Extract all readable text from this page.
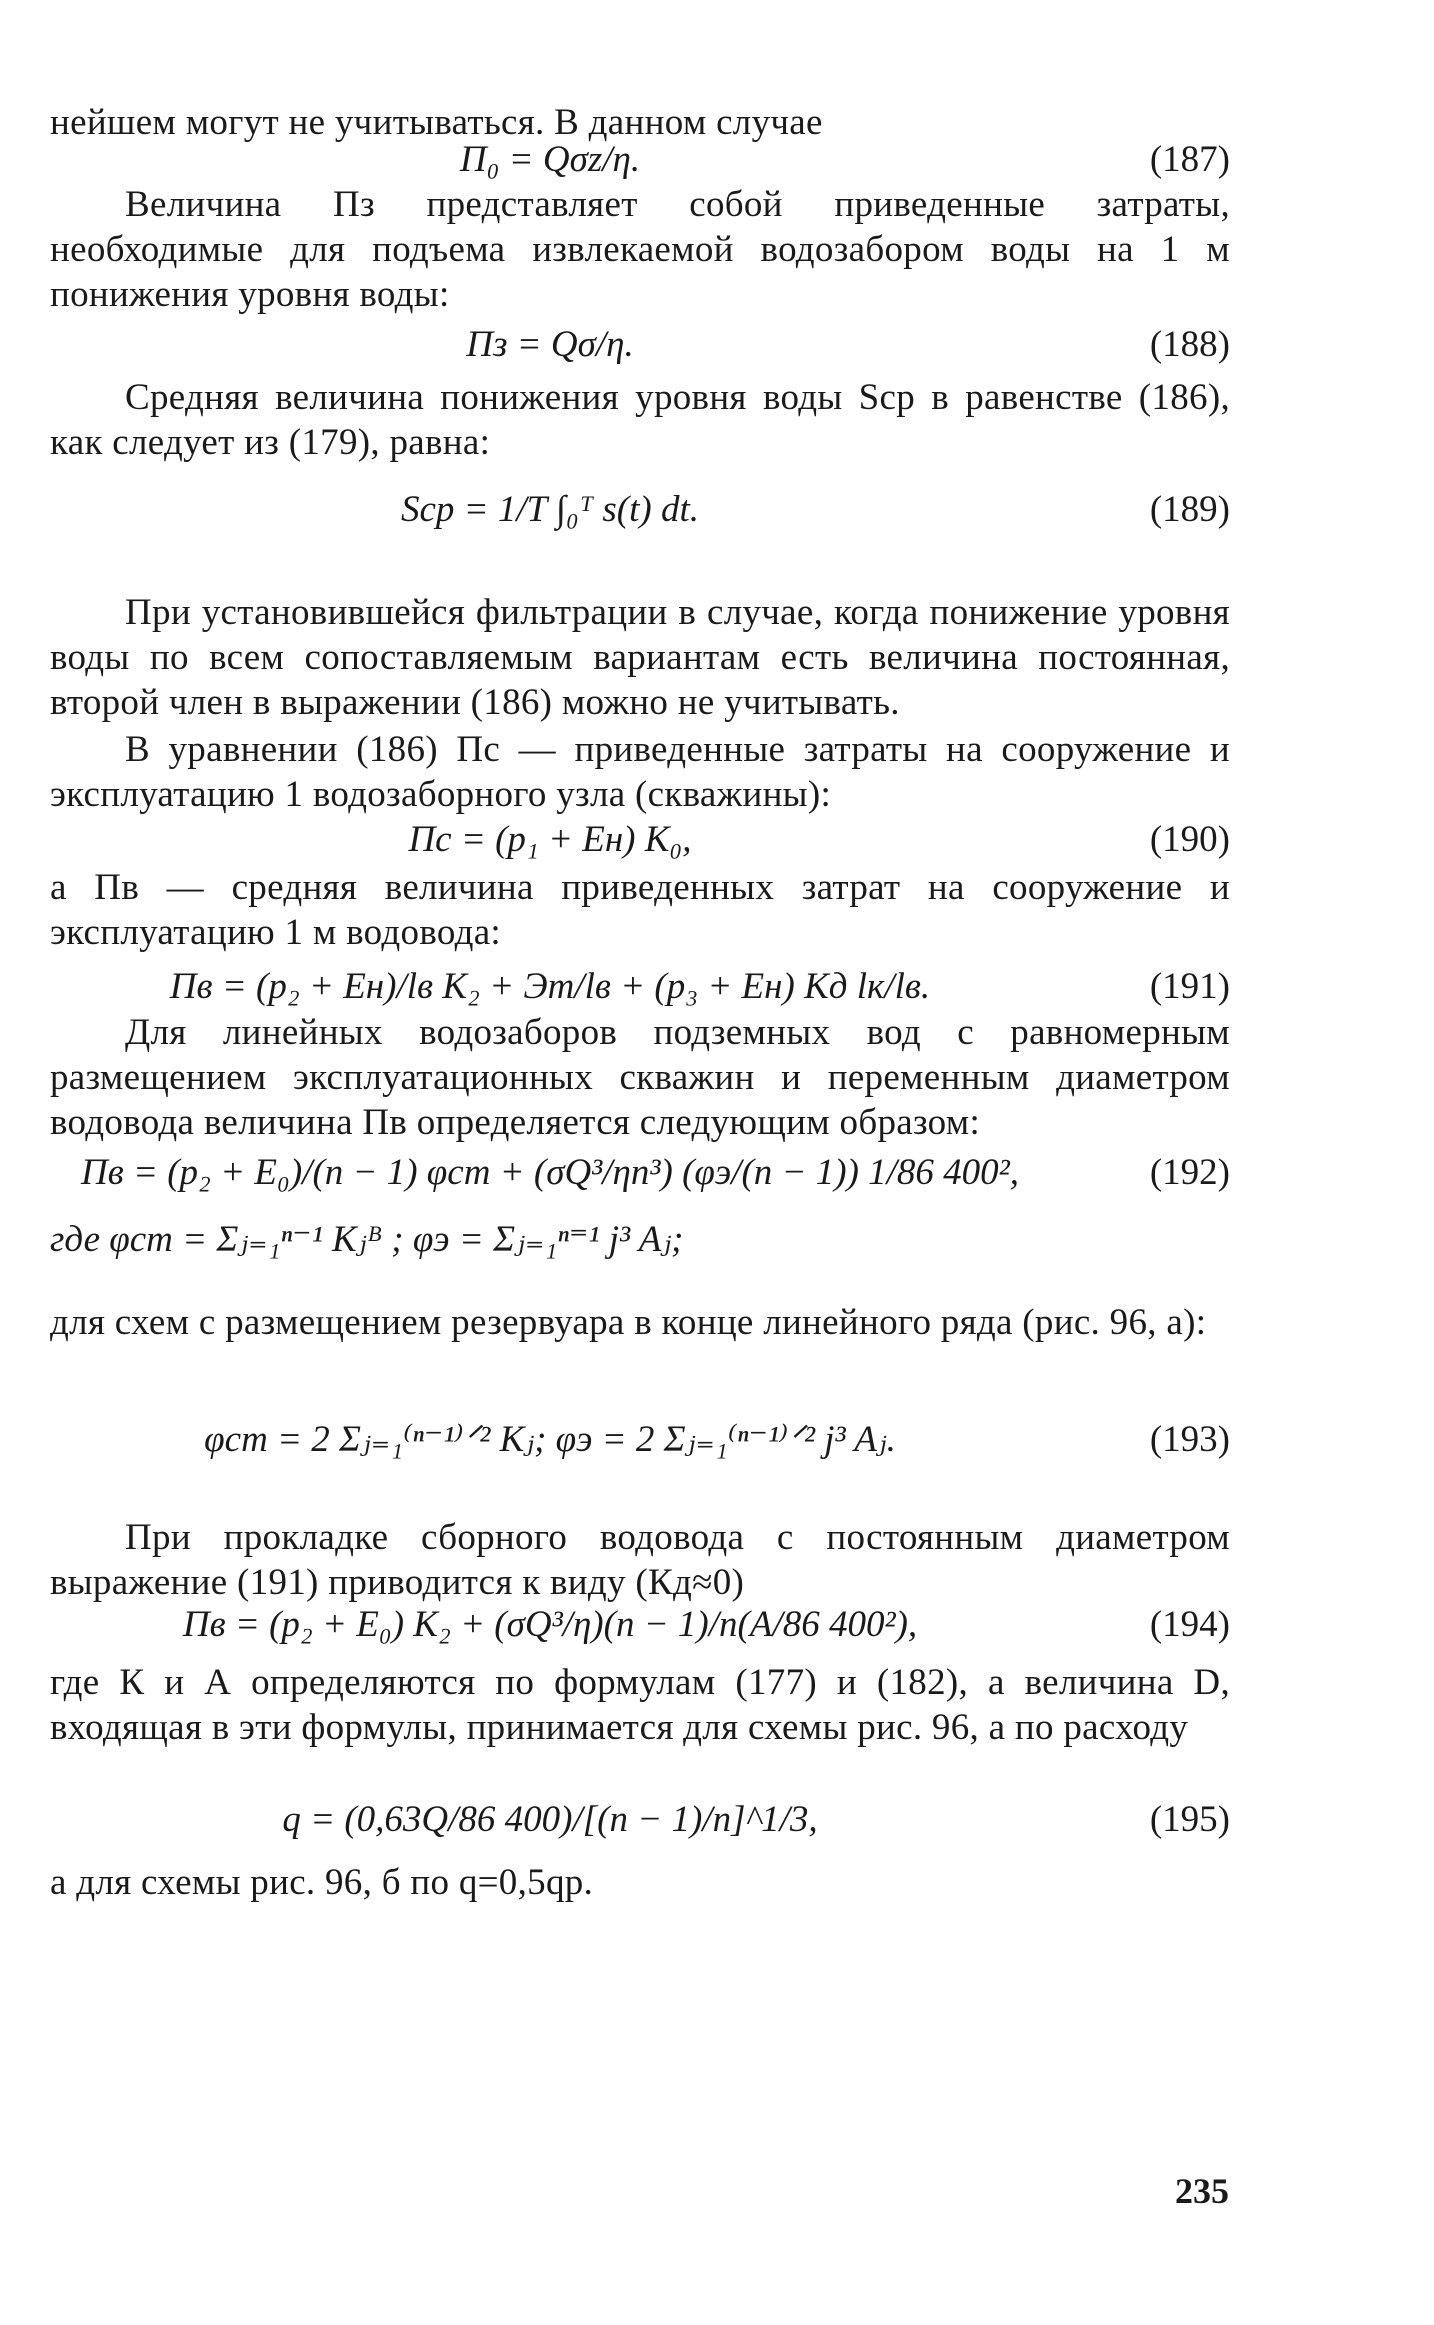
нейшем могут не учитываться. В данном случае

П₀ = Qσz/η.	(187)

Величина Пз представляет собой приведенные затраты, необходимые для подъема извлекаемой водозабором воды на 1 м понижения уровня воды:

Пз = Qσ/η.	(188)

Средняя величина понижения уровня воды Sср в равенстве (186), как следует из (179), равна:

Sср = 1/T ∫₀ᵀ s(t) dt.	(189)

При установившейся фильтрации в случае, когда понижение уровня воды по всем сопоставляемым вариантам есть величина постоянная, второй член в выражении (186) можно не учитывать.

В уравнении (186) Пс — приведенные затраты на сооружение и эксплуатацию 1 водозаборного узла (скважины):

Пс = (p₁ + Eн) K₀,	(190)

а Пв — средняя величина приведенных затрат на сооружение и эксплуатацию 1 м водовода:

Пв = (p₂ + Eн)/lв K₂ + Эт/lв + (p₃ + Eн) Kд lк/lв.	(191)

Для линейных водозаборов подземных вод с равномерным размещением эксплуатационных скважин и переменным диаметром водовода величина Пв определяется следующим образом:

Пв = (p₂ + E₀)/(n − 1) φст + (σQ³/ηn³) (φэ/(n − 1)) 1/86 400²,	(192)
где φст = Σⱼ₌₁ⁿ⁻¹ Kⱼᴮ ; φэ = Σⱼ₌₁ⁿ⁼¹ j³ Aⱼ;

для схем с размещением резервуара в конце линейного ряда (рис. 96, а):

φст = 2 Σⱼ₌₁⁽ⁿ⁻¹⁾ᐟ² Kⱼ; φэ = 2 Σⱼ₌₁⁽ⁿ⁻¹⁾ᐟ² j³ Aⱼ.	(193)

При прокладке сборного водовода с постоянным диаметром выражение (191) приводится к виду (Кд≈0)

Пв = (p₂ + E₀) K₂ + (σQ³/η)(n − 1)/n(A/86 400²),	(194)

где К и А определяются по формулам (177) и (182), а величина D, входящая в эти формулы, принимается для схемы рис. 96, а по расходу

q = (0,63Q/86 400)/[(n − 1)/n]^1/3,	(195)

а для схемы рис. 96, б по q=0,5qр.

235
